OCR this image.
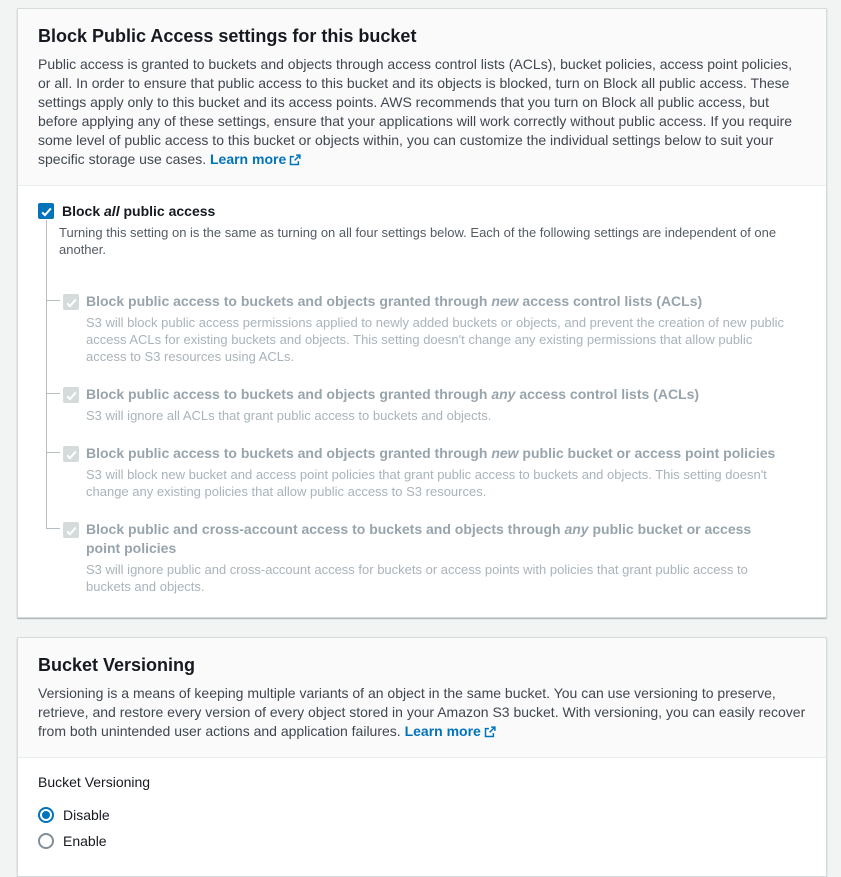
Block Public Access settings for this bucket

Public access is granted to buckets and objects through access control lists (ACLs), bucket policies, access point policies, or all. In order to ensure that public access to this bucket and its objects is blocked, turn on Block all public access. These settings apply only to this bucket and its access points. AWS recommends that you turn on Block all public access, but before applying any of these settings, ensure that your applications will work correctly without public access. If you require some level of public access to this bucket or objects within, you can customize the individual settings below to suit your specific storage use cases. Learn more

Block all public access
Turning this setting on is the same as turning on all four settings below. Each of the following settings are independent of one another.
Block public access to buckets and objects granted through new access control lists (ACLs)
S3 will block public access permissions applied to newly added buckets or objects, and prevent the creation of new public access ACLs for existing buckets and objects. This setting doesn't change any existing permissions that allow public access to S3 resources using ACLs.
Block public access to buckets and objects granted through any access control lists (ACLs)
S3 will ignore all ACLs that grant public access to buckets and objects.
Block public access to buckets and objects granted through new public bucket or access point policies
S3 will block new bucket and access point policies that grant public access to buckets and objects. This setting doesn't change any existing policies that allow public access to S3 resources.
Block public and cross-account access to buckets and objects through any public bucket or access point policies
S3 will ignore public and cross-account access for buckets or access points with policies that grant public access to buckets and objects.
Bucket Versioning

Versioning is a means of keeping multiple variants of an object in the same bucket. You can use versioning to preserve, retrieve, and restore every version of every object stored in your Amazon S3 bucket. With versioning, you can easily recover from both unintended user actions and application failures. Learn more

Bucket Versioning
Disable
Enable
